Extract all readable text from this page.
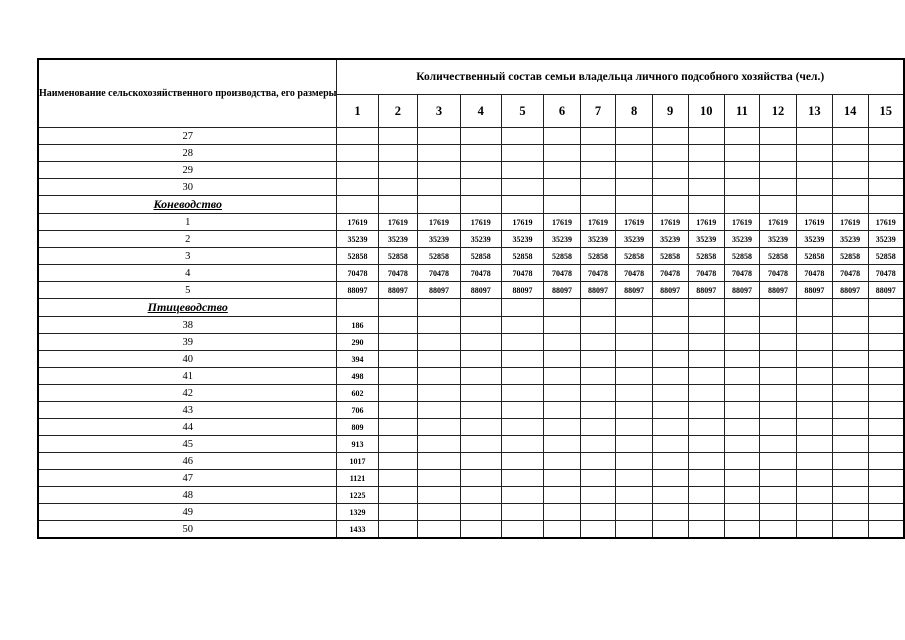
Наименование сельскохозяйственного производства, его размеры	Количественный состав семьи владельца личного подсобного хозяйства (чел.)														
	1	2	3	4	5	6	7	8	9	10	11	12	13	14	15
27															
28															
29															
30															
Коневодство															
1	17619	17619	17619	17619	17619	17619	17619	17619	17619	17619	17619	17619	17619	17619	17619
2	35239	35239	35239	35239	35239	35239	35239	35239	35239	35239	35239	35239	35239	35239	35239
3	52858	52858	52858	52858	52858	52858	52858	52858	52858	52858	52858	52858	52858	52858	52858
4	70478	70478	70478	70478	70478	70478	70478	70478	70478	70478	70478	70478	70478	70478	70478
5	88097	88097	88097	88097	88097	88097	88097	88097	88097	88097	88097	88097	88097	88097	88097
Птицеводство															
38	186														
39	290														
40	394														
41	498														
42	602														
43	706														
44	809														
45	913														
46	1017														
47	1121														
48	1225														
49	1329														
50	1433														
